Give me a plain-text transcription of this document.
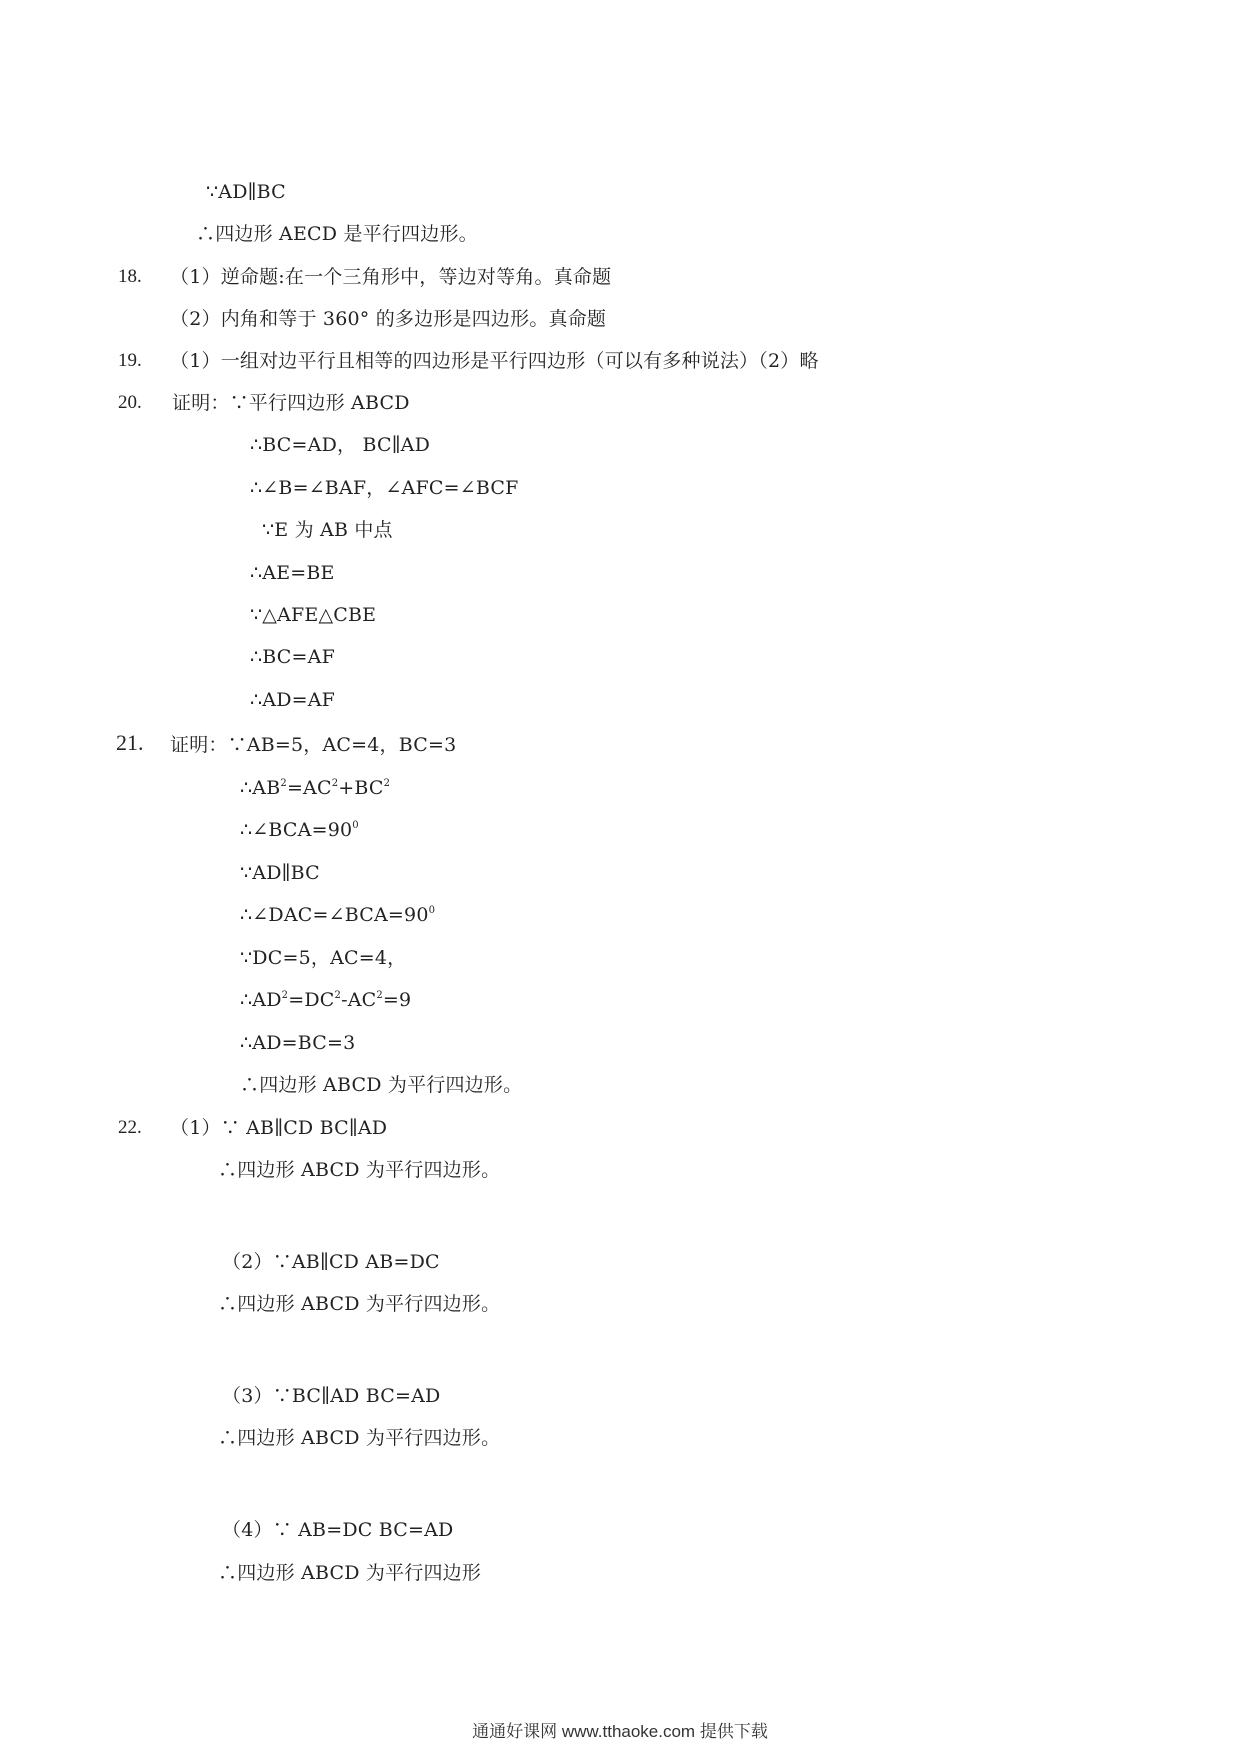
∵AD∥BC
∴四边形 AECD 是平行四边形。
18. （1）逆命题:在一个三角形中，等边对等角。真命题
（2）内角和等于 360° 的多边形是四边形。真命题
19. （1）一组对边平行且相等的四边形是平行四边形（可以有多种说法）（2）略
20. 证明：∵平行四边形 ABCD
∴BC=AD， BC∥AD
∴∠B=∠BAF，∠AFC=∠BCF
∵E 为 AB 中点
∴AE=BE
∵△AFE△CBE
∴BC=AF
∴AD=AF
21. 证明：∵AB=5，AC=4，BC=3
$\therefore AB^2=AC^2+BC^2$
$\therefore\angle BCA=90^0$
∵AD∥BC
$\therefore\angle DAC=\angle BCA=90^0$
∵DC=5，AC=4，
$\therefore AD^2=DC^2-AC^2=9$
∴AD=BC=3
∴四边形 ABCD 为平行四边形。
22. （1）∵ AB∥CD BC∥AD
∴四边形 ABCD 为平行四边形。
（2）∵AB∥CD AB=DC
∴四边形 ABCD 为平行四边形。
（3）∵BC∥AD BC=AD
∴四边形 ABCD 为平行四边形。
（4）∵ AB=DC BC=AD
∴四边形 ABCD 为平行四边形
通通好课网 www.tthaoke.com 提供下载
